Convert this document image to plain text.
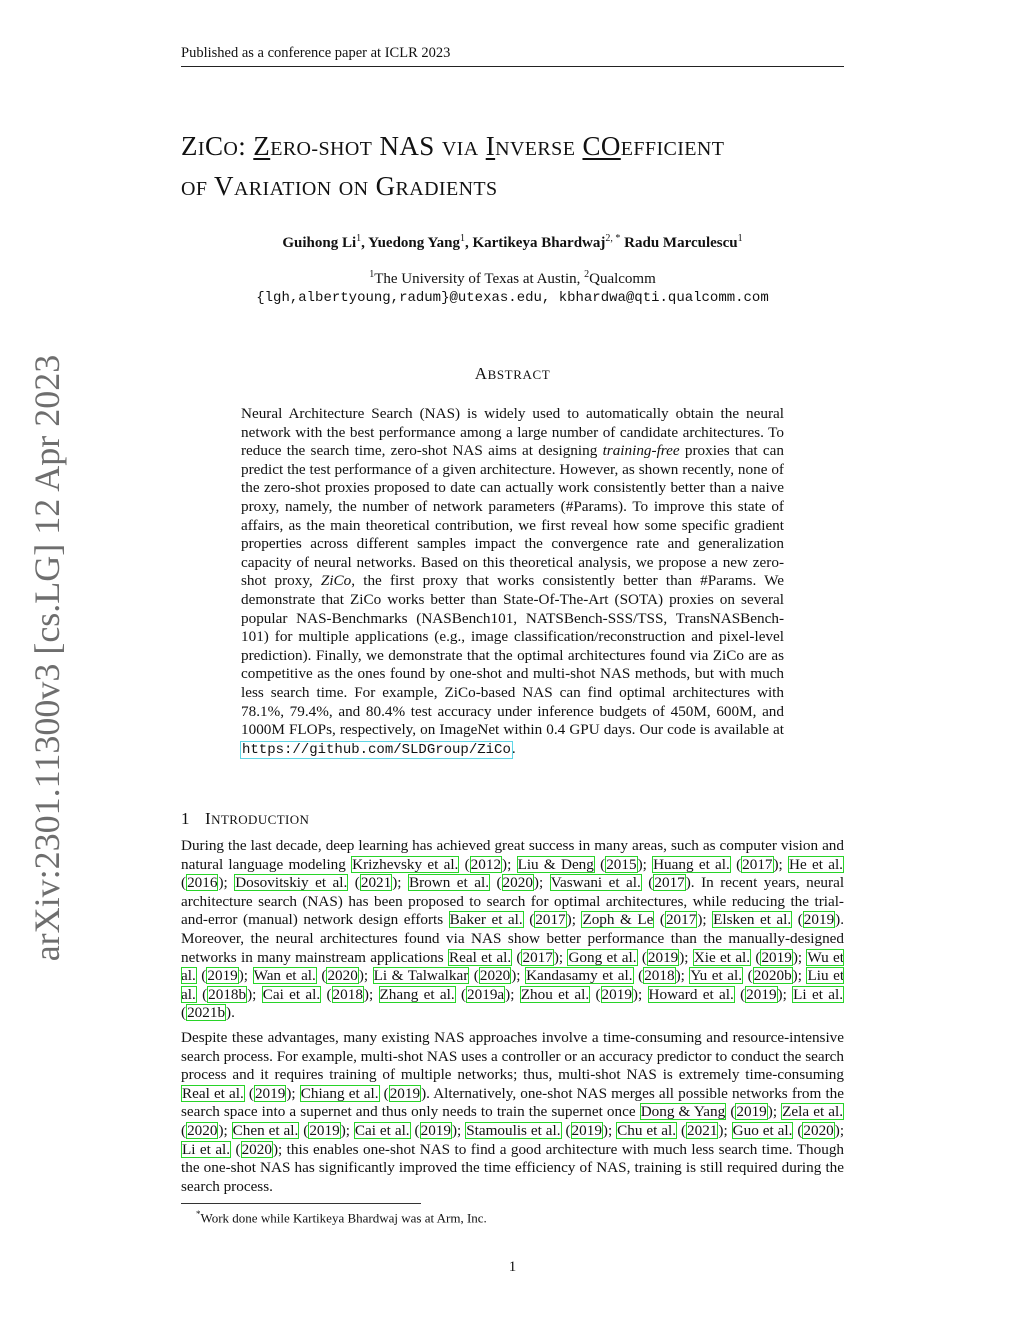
Published as a conference paper at ICLR 2023
arXiv:2301.11300v3 [cs.LG] 12 Apr 2023
ZICO: ZERO-SHOT NAS VIA INVERSE COEFFICIENT
OF VARIATION ON GRADIENTS
Guihong Li$^1$, Yuedong Yang$^1$, Kartikeya Bhardwaj$^{2, *}$ Radu Marculescu$^1$
$^1$The University of Texas at Austin, $^2$Qualcomm
{lgh,albertyoung,radum}@utexas.edu, kbhardwa@qti.qualcomm.com
ABSTRACT
Neural Architecture Search (NAS) is widely used to automatically obtain the neural network with the best performance among a large number of candidate architectures. To reduce the search time, zero-shot NAS aims at designing training-free proxies that can predict the test performance of a given architecture. However, as shown recently, none of the zero-shot proxies proposed to date can actually work consistently better than a naive proxy, namely, the number of network parameters (#Params). To improve this state of affairs, as the main theoretical contribution, we first reveal how some specific gradient properties across different samples impact the convergence rate and generalization capacity of neural networks. Based on this theoretical analysis, we propose a new zero-shot proxy, ZiCo, the first proxy that works consistently better than #Params. We demonstrate that ZiCo works better than State-Of-The-Art (SOTA) proxies on several popular NAS-Benchmarks (NASBench101, NATSBench-SSS/TSS, TransNASBench-101) for multiple applications (e.g., image classification/reconstruction and pixel-level prediction). Finally, we demonstrate that the optimal architectures found via ZiCo are as competitive as the ones found by one-shot and multi-shot NAS methods, but with much less search time. For example, ZiCo-based NAS can find optimal architectures with 78.1%, 79.4%, and 80.4% test accuracy under inference budgets of 450M, 600M, and 1000M FLOPs, respectively, on ImageNet within 0.4 GPU days. Our code is available at https://github.com/SLDGroup/ZiCo.
1 INTRODUCTION
During the last decade, deep learning has achieved great success in many areas, such as computer vision and natural language modeling Krizhevsky et al. (2012); Liu & Deng (2015); Huang et al. (2017); He et al. (2016); Dosovitskiy et al. (2021); Brown et al. (2020); Vaswani et al. (2017). In recent years, neural architecture search (NAS) has been proposed to search for optimal architectures, while reducing the trial-and-error (manual) network design efforts Baker et al. (2017); Zoph & Le (2017); Elsken et al. (2019). Moreover, the neural architectures found via NAS show better performance than the manually-designed networks in many mainstream applications Real et al. (2017); Gong et al. (2019); Xie et al. (2019); Wu et al. (2019); Wan et al. (2020); Li & Talwalkar (2020); Kandasamy et al. (2018); Yu et al. (2020b); Liu et al. (2018b); Cai et al. (2018); Zhang et al. (2019a); Zhou et al. (2019); Howard et al. (2019); Li et al. (2021b).
Despite these advantages, many existing NAS approaches involve a time-consuming and resource-intensive search process. For example, multi-shot NAS uses a controller or an accuracy predictor to conduct the search process and it requires training of multiple networks; thus, multi-shot NAS is extremely time-consuming Real et al. (2019); Chiang et al. (2019). Alternatively, one-shot NAS merges all possible networks from the search space into a supernet and thus only needs to train the supernet once Dong & Yang (2019); Zela et al. (2020); Chen et al. (2019); Cai et al. (2019); Stamoulis et al. (2019); Chu et al. (2021); Guo et al. (2020); Li et al. (2020); this enables one-shot NAS to find a good architecture with much less search time. Though the one-shot NAS has significantly improved the time efficiency of NAS, training is still required during the search process.
*Work done while Kartikeya Bhardwaj was at Arm, Inc.
1
